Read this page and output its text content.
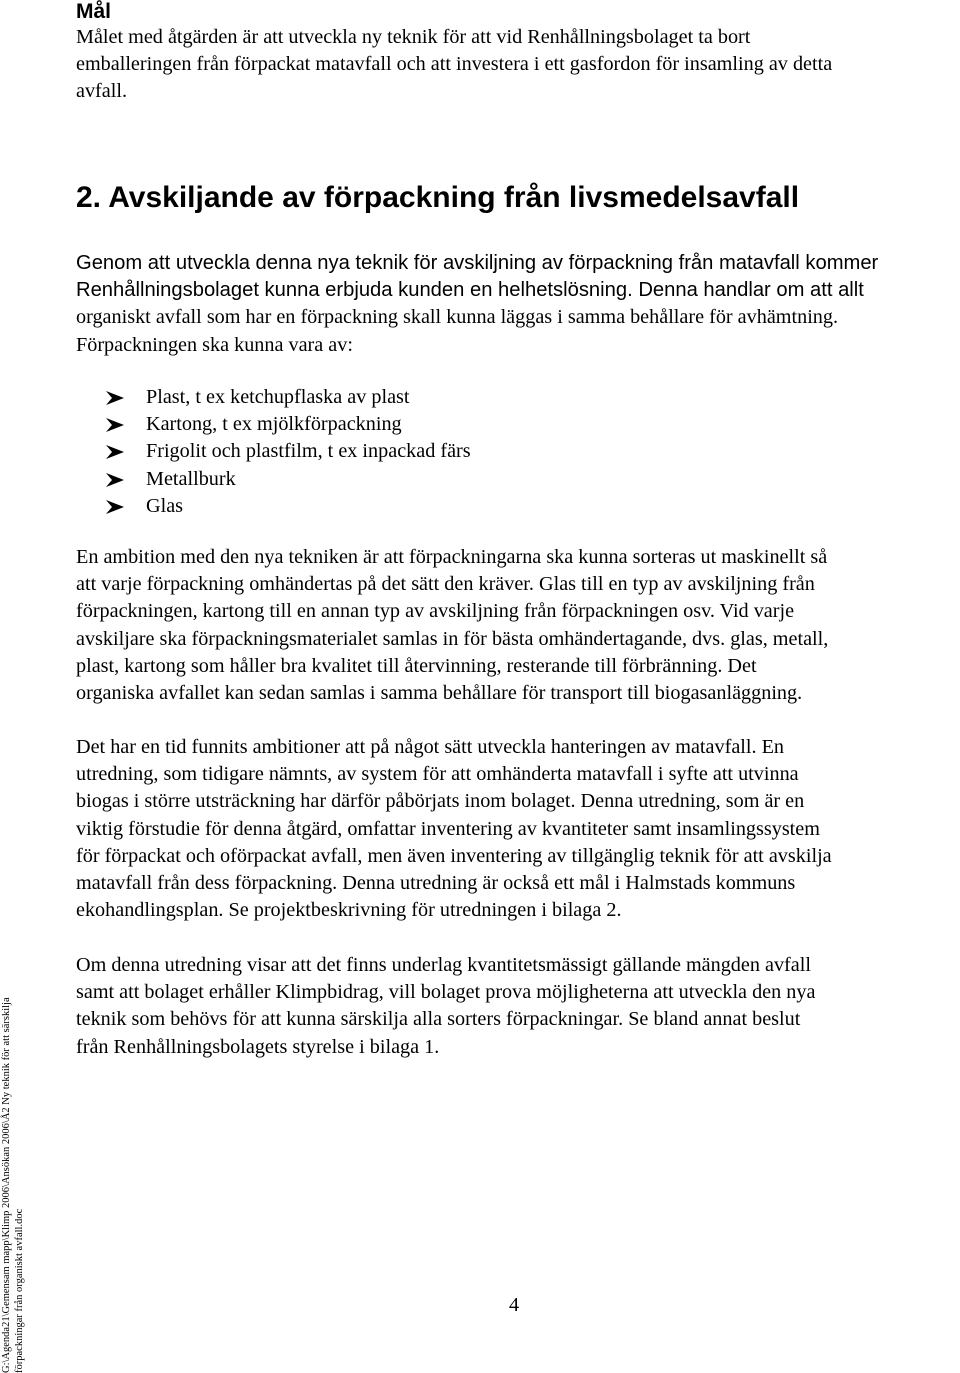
Mål
Målet med åtgärden är att utveckla ny teknik för att vid Renhållningsbolaget ta bort
emballeringen från förpackat matavfall och att investera i ett gasfordon för insamling av detta
avfall.
2. Avskiljande av förpackning från livsmedelsavfall
Genom att utveckla denna nya teknik för avskiljning av förpackning från matavfall kommer
Renhållningsbolaget kunna erbjuda kunden en helhetslösning. Denna handlar om att allt
organiskt avfall som har en förpackning skall kunna läggas i samma behållare för avhämtning.
Förpackningen ska kunna vara av:
Plast, t ex ketchupflaska av plast
Kartong, t ex mjölkförpackning
Frigolit och plastfilm, t ex inpackad färs
Metallburk
Glas
En ambition med den nya tekniken är att förpackningarna ska kunna sorteras ut maskinellt så
att varje förpackning omhändertas på det sätt den kräver. Glas till en typ av avskiljning från
förpackningen, kartong till en annan typ av avskiljning från förpackningen osv. Vid varje
avskiljare ska förpackningsmaterialet samlas in för bästa omhändertagande, dvs. glas, metall,
plast, kartong som håller bra kvalitet till återvinning, resterande till förbränning. Det
organiska avfallet kan sedan samlas i samma behållare för transport till biogasanläggning.
Det har en tid funnits ambitioner att på något sätt utveckla hanteringen av matavfall. En
utredning, som tidigare nämnts, av system för att omhänderta matavfall i syfte att utvinna
biogas i större utsträckning har därför påbörjats inom bolaget. Denna utredning, som är en
viktig förstudie för denna åtgärd, omfattar inventering av kvantiteter samt insamlingssystem
för förpackat och oförpackat avfall, men även inventering av tillgänglig teknik för att avskilja
matavfall från dess förpackning. Denna utredning är också ett mål i Halmstads kommuns
ekohandlingsplan. Se projektbeskrivning för utredningen i bilaga 2.
Om denna utredning visar att det finns underlag kvantitetsmässigt gällande mängden avfall
samt att bolaget erhåller Klimpbidrag, vill bolaget prova möjligheterna att utveckla den nya
teknik som behövs för att kunna särskilja alla sorters förpackningar. Se bland annat beslut
från Renhållningsbolagets styrelse i bilaga 1.
G:\Agenda21\Gemensam mapp\Klimp 2006\Ansökan 2006\Å2 Ny teknik för att särskilja förpackningar från organiskt avfall.doc	4
